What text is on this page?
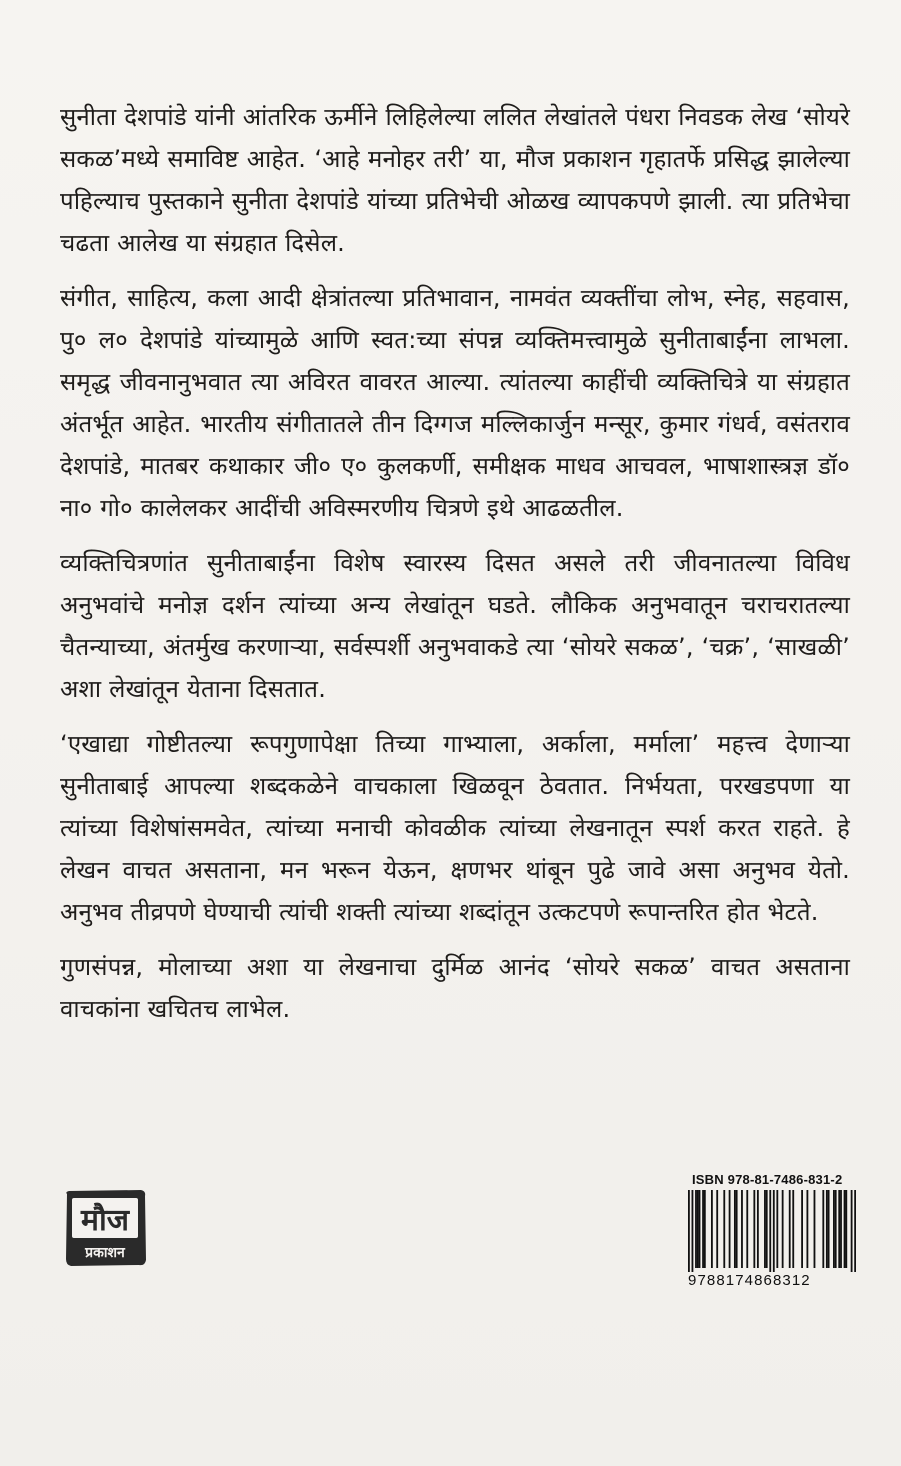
सुनीता देशपांडे यांनी आंतरिक ऊर्मीने लिहिलेल्या ललित लेखांतले पंधरा निवडक लेख ‘सोयरे सकळ’मध्ये समाविष्ट आहेत. ‘आहे मनोहर तरी’ या, मौज प्रकाशन गृहातर्फे प्रसिद्ध झालेल्या पहिल्याच पुस्तकाने सुनीता देशपांडे यांच्या प्रतिभेची ओळख व्यापकपणे झाली. त्या प्रतिभेचा चढता आलेख या संग्रहात दिसेल.

संगीत, साहित्य, कला आदी क्षेत्रांतल्या प्रतिभावान, नामवंत व्यक्तींचा लोभ, स्नेह, सहवास, पु० ल० देशपांडे यांच्यामुळे आणि स्वत:च्या संपन्न व्यक्तिमत्त्वामुळे सुनीताबाईंना लाभला. समृद्ध जीवनानुभवात त्या अविरत वावरत आल्या. त्यांतल्या काहींची व्यक्तिचित्रे या संग्रहात अंतर्भूत आहेत. भारतीय संगीतातले तीन दिग्गज मल्लिकार्जुन मन्सूर, कुमार गंधर्व, वसंतराव देशपांडे, मातबर कथाकार जी० ए० कुलकर्णी, समीक्षक माधव आचवल, भाषाशास्त्रज्ञ डॉ० ना० गो० कालेलकर आदींची अविस्मरणीय चित्रणे इथे आढळतील.

व्यक्तिचित्रणांत सुनीताबाईंना विशेष स्वारस्य दिसत असले तरी जीवनातल्या विविध अनुभवांचे मनोज्ञ दर्शन त्यांच्या अन्य लेखांतून घडते. लौकिक अनुभवातून चराचरातल्या चैतन्याच्या, अंतर्मुख करणाऱ्या, सर्वस्पर्शी अनुभवाकडे त्या ‘सोयरे सकळ’, ‘चक्र’, ‘साखळी’ अशा लेखांतून येताना दिसतात.

‘एखाद्या गोष्टीतल्या रूपगुणापेक्षा तिच्या गाभ्याला, अर्काला, मर्माला’ महत्त्व देणाऱ्या सुनीताबाई आपल्या शब्दकळेने वाचकाला खिळवून ठेवतात. निर्भयता, परखडपणा या त्यांच्या विशेषांसमवेत, त्यांच्या मनाची कोवळीक त्यांच्या लेखनातून स्पर्श करत राहते. हे लेखन वाचत असताना, मन भरून येऊन, क्षणभर थांबून पुढे जावे असा अनुभव येतो. अनुभव तीव्रपणे घेण्याची त्यांची शक्ती त्यांच्या शब्दांतून उत्कटपणे रूपान्तरित होत भेटते.

गुणसंपन्न, मोलाच्या अशा या लेखनाचा दुर्मिळ आनंद ‘सोयरे सकळ’ वाचत असताना वाचकांना खचितच लाभेल.

मौज
प्रकाशन
ISBN 978-81-7486-831-2
9788174868312
